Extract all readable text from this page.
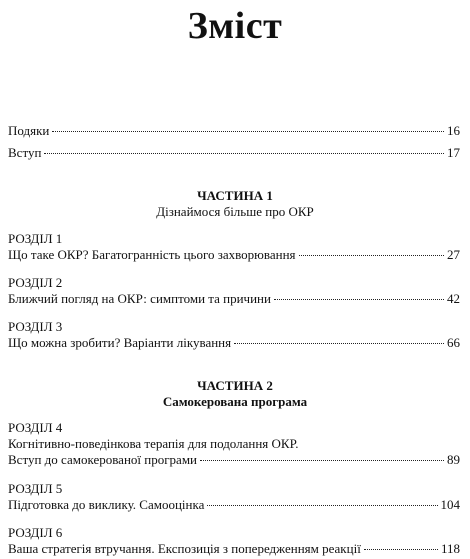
Зміст
Подяки	16
Вступ	17
ЧАСТИНА 1
Дізнаймося більше про ОКР
РОЗДІЛ 1
Що таке ОКР? Багатогранність цього захворювання	27
РОЗДІЛ 2
Ближчий погляд на ОКР: симптоми та причини	42
РОЗДІЛ 3
Що можна зробити? Варіанти лікування	66
ЧАСТИНА 2
Самокерована програма
РОЗДІЛ 4
Когнітивно-поведінкова терапія для подолання ОКР.
Вступ до самокерованої програми	89
РОЗДІЛ 5
Підготовка до виклику. Самооцінка	104
РОЗДІЛ 6
Ваша стратегія втручання. Експозиція з попередженням реакції	118
